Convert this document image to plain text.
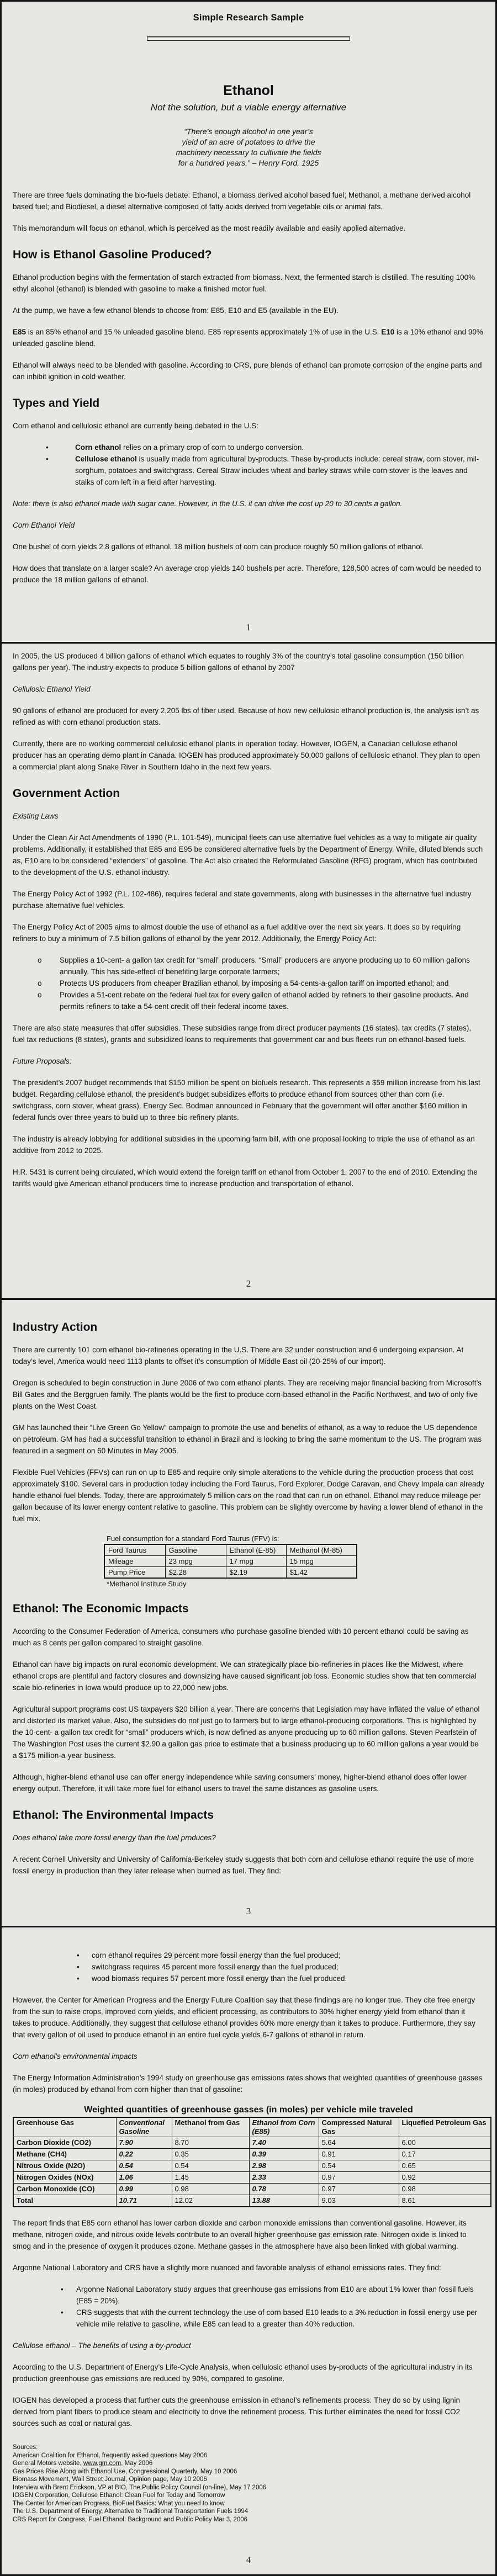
Simple Research Sample
Ethanol
Not the solution, but a viable energy alternative
“There’s enough alcohol in one year’s
yield of an acre of potatoes to drive the
machinery necessary to cultivate the fields
for a hundred years.” – Henry Ford, 1925
There are three fuels dominating the bio-fuels debate: Ethanol, a biomass derived alcohol based fuel; Methanol, a methane derived alcohol based fuel; and Biodiesel, a diesel alternative composed of fatty acids derived from vegetable oils or animal fats.
This memorandum will focus on ethanol, which is perceived as the most readily available and easily applied alternative.
How is Ethanol Gasoline Produced?
Ethanol production begins with the fermentation of starch extracted from biomass. Next, the fermented starch is distilled. The resulting 100% ethyl alcohol (ethanol) is blended with gasoline to make a finished motor fuel.
At the pump, we have a few ethanol blends to choose from: E85, E10 and E5 (available in the EU).
E85 is an 85% ethanol and 15 % unleaded gasoline blend. E85 represents approximately 1% of use in the U.S. E10 is a 10% ethanol and 90% unleaded gasoline blend.
Ethanol will always need to be blended with gasoline. According to CRS, pure blends of ethanol can promote corrosion of the engine parts and can inhibit ignition in cold weather.
Types and Yield
Corn ethanol and cellulosic ethanol are currently being debated in the U.S:
•	Corn ethanol relies on a primary crop of corn to undergo conversion.
•	Cellulose ethanol is usually made from agricultural by-products. These by-products include: cereal straw, corn stover, mil-sorghum, potatoes and switchgrass. Cereal Straw includes wheat and barley straws while corn stover is the leaves and stalks of corn left in a field after harvesting.
Note: there is also ethanol made with sugar cane. However, in the U.S. it can drive the cost up 20 to 30 cents a gallon.
Corn Ethanol Yield
One bushel of corn yields 2.8 gallons of ethanol. 18 million bushels of corn can produce roughly 50 million gallons of ethanol.
How does that translate on a larger scale? An average crop yields 140 bushels per acre. Therefore, 128,500 acres of corn would be needed to produce the 18 million gallons of ethanol.
1
In 2005, the US produced 4 billion gallons of ethanol which equates to roughly 3% of the country’s total gasoline consumption (150 billion gallons per year). The industry expects to produce 5 billion gallons of ethanol by 2007
Cellulosic Ethanol Yield
90 gallons of ethanol are produced for every 2,205 lbs of fiber used. Because of how new cellulosic ethanol production is, the analysis isn’t as refined as with corn ethanol production stats.
Currently, there are no working commercial cellulosic ethanol plants in operation today. However, IOGEN, a Canadian cellulose ethanol producer has an operating demo plant in Canada. IOGEN has produced approximately 50,000 gallons of cellulosic ethanol. They plan to open a commercial plant along Snake River in Southern Idaho in the next few years.
Government Action
Existing Laws
Under the Clean Air Act Amendments of 1990 (P.L. 101-549), municipal fleets can use alternative fuel vehicles as a way to mitigate air quality problems. Additionally, it established that E85 and E95 be considered alternative fuels by the Department of Energy. While, diluted blends such as, E10 are to be considered “extenders” of gasoline. The Act also created the Reformulated Gasoline (RFG) program, which has contributed to the development of the U.S. ethanol industry.
The Energy Policy Act of 1992 (P.L. 102-486), requires federal and state governments, along with businesses in the alternative fuel industry purchase alternative fuel vehicles.
The Energy Policy Act of 2005 aims to almost double the use of ethanol as a fuel additive over the next six years. It does so by requiring refiners to buy a minimum of 7.5 billion gallons of ethanol by the year 2012. Additionally, the Energy Policy Act:
o Supplies a 10-cent- a gallon tax credit for “small” producers. “Small” producers are anyone producing up to 60 million gallons annually. This has side-effect of benefiting large corporate farmers;
o Protects US producers from cheaper Brazilian ethanol, by imposing a 54-cents-a-gallon tariff on imported ethanol; and
o Provides a 51-cent rebate on the federal fuel tax for every gallon of ethanol added by refiners to their gasoline products. And permits refiners to take a 54-cent credit off their federal income taxes.
There are also state measures that offer subsidies. These subsidies range from direct producer payments (16 states), tax credits (7 states), fuel tax reductions (8 states), grants and subsidized loans to requirements that government car and bus fleets run on ethanol-based fuels.
Future Proposals:
The president’s 2007 budget recommends that $150 million be spent on biofuels research. This represents a $59 million increase from his last budget. Regarding cellulose ethanol, the president’s budget subsidizes efforts to produce ethanol from sources other than corn (i.e. switchgrass, corn stover, wheat grass). Energy Sec. Bodman announced in February that the government will offer another $160 million in federal funds over three years to build up to three bio-refinery plants.
The industry is already lobbying for additional subsidies in the upcoming farm bill, with one proposal looking to triple the use of ethanol as an additive from 2012 to 2025.
H.R. 5431 is current being circulated, which would extend the foreign tariff on ethanol from October 1, 2007 to the end of 2010. Extending the tariffs would give American ethanol producers time to increase production and transportation of ethanol.
2
Industry Action
There are currently 101 corn ethanol bio-refineries operating in the U.S. There are 32 under construction and 6 undergoing expansion. At today’s level, America would need 1113 plants to offset it’s consumption of Middle East oil (20-25% of our import).
Oregon is scheduled to begin construction in June 2006 of two corn ethanol plants. They are receiving major financial backing from Microsoft’s Bill Gates and the Berggruen family. The plants would be the first to produce corn-based ethanol in the Pacific Northwest, and two of only five plants on the West Coast.
GM has launched their “Live Green Go Yellow” campaign to promote the use and benefits of ethanol, as a way to reduce the US dependence on petroleum. GM has had a successful transition to ethanol in Brazil and is looking to bring the same momentum to the US. The program was featured in a segment on 60 Minutes in May 2005.
Flexible Fuel Vehicles (FFVs) can run on up to E85 and require only simple alterations to the vehicle during the production process that cost approximately $100. Several cars in production today including the Ford Taurus, Ford Explorer, Dodge Caravan, and Chevy Impala can already handle ethanol fuel blends. Today, there are approximately 5 million cars on the road that can run on ethanol. Ethanol may reduce mileage per gallon because of its lower energy content relative to gasoline. This problem can be slightly overcome by having a lower blend of ethanol in the fuel mix.
Fuel consumption for a standard Ford Taurus (FFV) is:
Ford Taurus	Gasoline	Ethanol (E-85)	Methanol (M-85)
Mileage	23 mpg	17 mpg	15 mpg
Pump Price	$2.28	$2.19	$1.42
*Methanol Institute Study
Ethanol: The Economic Impacts
According to the Consumer Federation of America, consumers who purchase gasoline blended with 10 percent ethanol could be saving as much as 8 cents per gallon compared to straight gasoline.
Ethanol can have big impacts on rural economic development. We can strategically place bio-refineries in places like the Midwest, where ethanol crops are plentiful and factory closures and downsizing have caused significant job loss. Economic studies show that ten commercial scale bio-refineries in Iowa would produce up to 22,000 new jobs.
Agricultural support programs cost US taxpayers $20 billion a year. There are concerns that Legislation may have inflated the value of ethanol and distorted its market value. Also, the subsidies do not just go to farmers but to large ethanol-producing corporations. This is highlighted by the 10-cent- a gallon tax credit for “small” producers which, is now defined as anyone producing up to 60 million gallons. Steven Pearlstein of The Washington Post uses the current $2.90 a gallon gas price to estimate that a business producing up to 60 million gallons a year would be a $175 million-a-year business.
Although, higher-blend ethanol use can offer energy independence while saving consumers’ money, higher-blend ethanol does offer lower energy output. Therefore, it will take more fuel for ethanol users to travel the same distances as gasoline users.
Ethanol: The Environmental Impacts
Does ethanol take more fossil energy than the fuel produces?
A recent Cornell University and University of California-Berkeley study suggests that both corn and cellulose ethanol require the use of more fossil energy in production than they later release when burned as fuel. They find:
3
• corn ethanol requires 29 percent more fossil energy than the fuel produced;
• switchgrass requires 45 percent more fossil energy than the fuel produced;
• wood biomass requires 57 percent more fossil energy than the fuel produced.
However, the Center for American Progress and the Energy Future Coalition say that these findings are no longer true. They cite free energy from the sun to raise crops, improved corn yields, and efficient processing, as contributors to 30% higher energy yield from ethanol than it takes to produce. Additionally, they suggest that cellulose ethanol provides 60% more energy than it takes to produce. Furthermore, they say that every gallon of oil used to produce ethanol in an entire fuel cycle yields 6-7 gallons of ethanol in return.
Corn ethanol’s environmental impacts
The Energy Information Administration’s 1994 study on greenhouse gas emissions rates shows that weighted quantities of greenhouse gasses (in moles) produced by ethanol from corn higher than that of gasoline:
Weighted quantities of greenhouse gasses (in moles) per vehicle mile traveled
Greenhouse Gas	Conventional Gasoline	Methanol from Gas	Ethanol from Corn (E85)	Compressed Natural Gas	Liquefied Petroleum Gas
Carbon Dioxide (CO2)	7.90	8.70	7.40	5.64	6.00
Methane (CH4)	0.22	0.35	0.39	0.91	0.17
Nitrous Oxide (N2O)	0.54	0.54	2.98	0.54	0.65
Nitrogen Oxides (NOx)	1.06	1.45	2.33	0.97	0.92
Carbon Monoxide (CO)	0.99	0.98	0.78	0.97	0.98
Total	10.71	12.02	13.88	9.03	8.61
The report finds that E85 corn ethanol has lower carbon dioxide and carbon monoxide emissions than conventional gasoline. However, its methane, nitrogen oxide, and nitrous oxide levels contribute to an overall higher greenhouse gas emission rate. Nitrogen oxide is linked to smog and in the presence of oxygen it produces ozone. Methane gasses in the atmosphere have also been linked with global warming.
Argonne National Laboratory and CRS have a slightly more nuanced and favorable analysis of ethanol emissions rates. They find:
• Argonne National Laboratory study argues that greenhouse gas emissions from E10 are about 1% lower than fossil fuels (E85 = 20%).
• CRS suggests that with the current technology the use of corn based E10 leads to a 3% reduction in fossil energy use per vehicle mile relative to gasoline, while E85 can lead to a greater than 40% reduction.
Cellulose ethanol – The benefits of using a by-product
According to the U.S. Department of Energy’s Life-Cycle Analysis, when cellulosic ethanol uses by-products of the agricultural industry in its production greenhouse gas emissions are reduced by 90%, compared to gasoline.
IOGEN has developed a process that further cuts the greenhouse emission in ethanol’s refinements process. They do so by using lignin derived from plant fibers to produce steam and electricity to drive the refinement process. This further eliminates the need for fossil CO2 sources such as coal or natural gas.
Sources:
American Coalition for Ethanol, frequently asked questions May 2006
General Motors website, www.gm.com, May 2006
Gas Prices Rise Along with Ethanol Use, Congressional Quarterly, May 10 2006
Biomass Movement, Wall Street Journal, Opinion page, May 10 2006
Interview with Brent Erickson, VP at BIO, The Public Policy Council (on-line), May 17 2006
IOGEN Corporation, Cellulose Ethanol: Clean Fuel for Today and Tomorrow
The Center for American Progress, BioFuel Basics: What you need to know
The U.S. Department of Energy, Alternative to Traditional Transportation Fuels 1994
CRS Report for Congress, Fuel Ethanol: Background and Public Policy Mar 3, 2006
4
